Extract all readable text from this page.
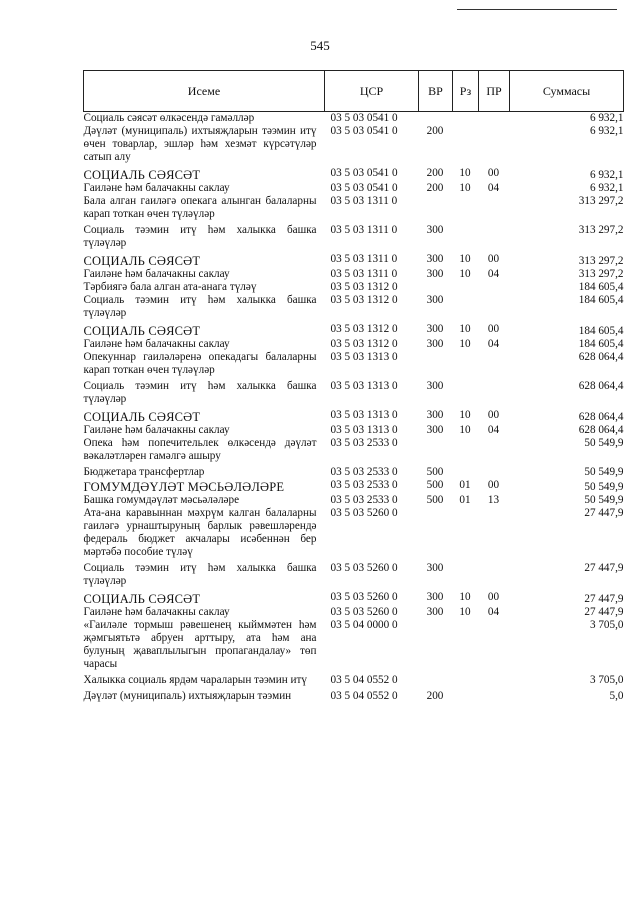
545
Исеме	ЦСР	ВР	Рз	ПР	Суммасы
Социаль сәясәт өлкәсендә гамәлләр	03 5 03 0541 0				6 932,1
Дәүләт (муниципаль) ихтыяҗларын тәэмин итү өчен товарлар, эшләр һәм хезмәт күрсәтүләр сатып алу	03 5 03 0541 0	200			6 932,1
СОЦИАЛЬ СӘЯСӘТ	03 5 03 0541 0	200	10	00	6 932,1
Гаиләне һәм балачакны саклау	03 5 03 0541 0	200	10	04	6 932,1
Бала алган гаиләгә опекага алынган балаларны карап тоткан өчен түләүләр	03 5 03 1311 0				313 297,2
Социаль тәэмин итү һәм халыкка башка түләүләр	03 5 03 1311 0	300			313 297,2
СОЦИАЛЬ СӘЯСӘТ	03 5 03 1311 0	300	10	00	313 297,2
Гаиләне һәм балачакны саклау	03 5 03 1311 0	300	10	04	313 297,2
Тәрбиягә бала алган ата-анага түләү	03 5 03 1312 0				184 605,4
Социаль тәэмин итү һәм халыкка башка түләүләр	03 5 03 1312 0	300			184 605,4
СОЦИАЛЬ СӘЯСӘТ	03 5 03 1312 0	300	10	00	184 605,4
Гаиләне һәм балачакны саклау	03 5 03 1312 0	300	10	04	184 605,4
Опекуннар гаиләләренә опекадагы балаларны карап тоткан өчен түләүләр	03 5 03 1313 0				628 064,4
Социаль тәэмин итү һәм халыкка башка түләүләр	03 5 03 1313 0	300			628 064,4
СОЦИАЛЬ СӘЯСӘТ	03 5 03 1313 0	300	10	00	628 064,4
Гаиләне һәм балачакны саклау	03 5 03 1313 0	300	10	04	628 064,4
Опека һәм попечительлек өлкәсендә дәүләт вәкаләтләрен гамәлгә ашыру	03 5 03 2533 0				50 549,9
Бюджетара трансфертлар	03 5 03 2533 0	500			50 549,9
ГОМУМДӘҮЛӘТ МӘСЬӘЛӘЛӘРЕ	03 5 03 2533 0	500	01	00	50 549,9
Башка гомумдәүләт мәсьәләләре	03 5 03 2533 0	500	01	13	50 549,9
Ата-ана каравыннан мәхрүм калган балаларны гаиләгә урнаштыруның барлык рәвешләрендә федераль бюджет акчалары исәбеннән бер мәртәбә пособие түләү	03 5 03 5260 0				27 447,9
Социаль тәэмин итү һәм халыкка башка түләүләр	03 5 03 5260 0	300			27 447,9
СОЦИАЛЬ СӘЯСӘТ	03 5 03 5260 0	300	10	00	27 447,9
Гаиләне һәм балачакны саклау	03 5 03 5260 0	300	10	04	27 447,9
«Гаиләле тормыш рәвешенең кыйммәтен һәм җәмгыятьтә абруен арттыру, ата һәм ана булуның җаваплылыгын пропагандалау» төп чарасы	03 5 04 0000 0				3 705,0
Халыкка социаль ярдәм чараларын тәэмин итү	03 5 04 0552 0				3 705,0
Дәүләт (муниципаль) ихтыяҗларын тәэмин	03 5 04 0552 0	200			5,0
